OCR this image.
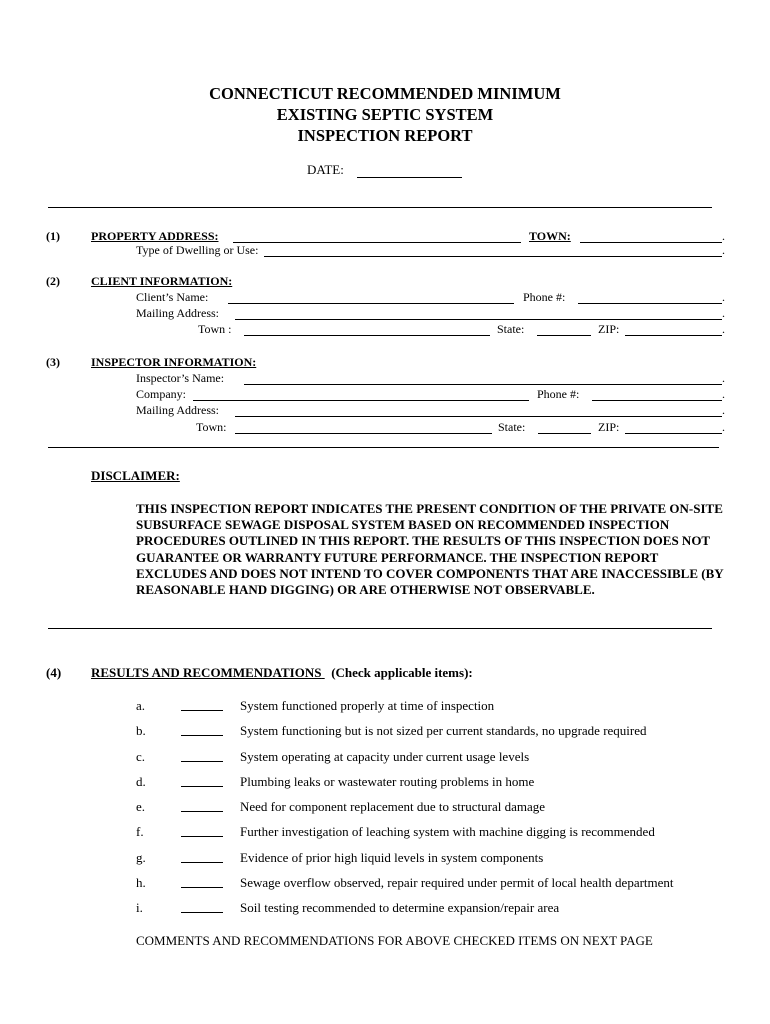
CONNECTICUT RECOMMENDED MINIMUM
EXISTING SEPTIC SYSTEM
INSPECTION REPORT
DATE:
(1)	PROPERTY ADDRESS:	TOWN:	.
Type of Dwelling or Use:	.
(2)	CLIENT INFORMATION:
Client’s Name:	Phone #:	.
Mailing Address:	.
Town :	State:	ZIP:	.
(3)	INSPECTOR INFORMATION:
Inspector’s Name:	.
Company:	Phone #:	.
Mailing Address:	.
Town:	State:	ZIP:	.
DISCLAIMER:
THIS INSPECTION REPORT INDICATES THE PRESENT CONDITION OF THE PRIVATE ON-SITE SUBSURFACE SEWAGE DISPOSAL SYSTEM BASED ON RECOMMENDED INSPECTION PROCEDURES OUTLINED IN THIS REPORT. THE RESULTS OF THIS INSPECTION DOES NOT GUARANTEE OR WARRANTY FUTURE PERFORMANCE. THE INSPECTION REPORT EXCLUDES AND DOES NOT INTEND TO COVER COMPONENTS THAT ARE INACCESSIBLE (BY REASONABLE HAND DIGGING) OR ARE OTHERWISE NOT OBSERVABLE.
(4) RESULTS AND RECOMMENDATIONS (Check applicable items):
a.	System functioned properly at time of inspection
b.	System functioning but is not sized per current standards, no upgrade required
c.	System operating at capacity under current usage levels
d.	Plumbing leaks or wastewater routing problems in home
e.	Need for component replacement due to structural damage
f.	Further investigation of leaching system with machine digging is recommended
g.	Evidence of prior high liquid levels in system components
h.	Sewage overflow observed, repair required under permit of local health department
i.	Soil testing recommended to determine expansion/repair area
COMMENTS AND RECOMMENDATIONS FOR ABOVE CHECKED ITEMS ON NEXT PAGE
